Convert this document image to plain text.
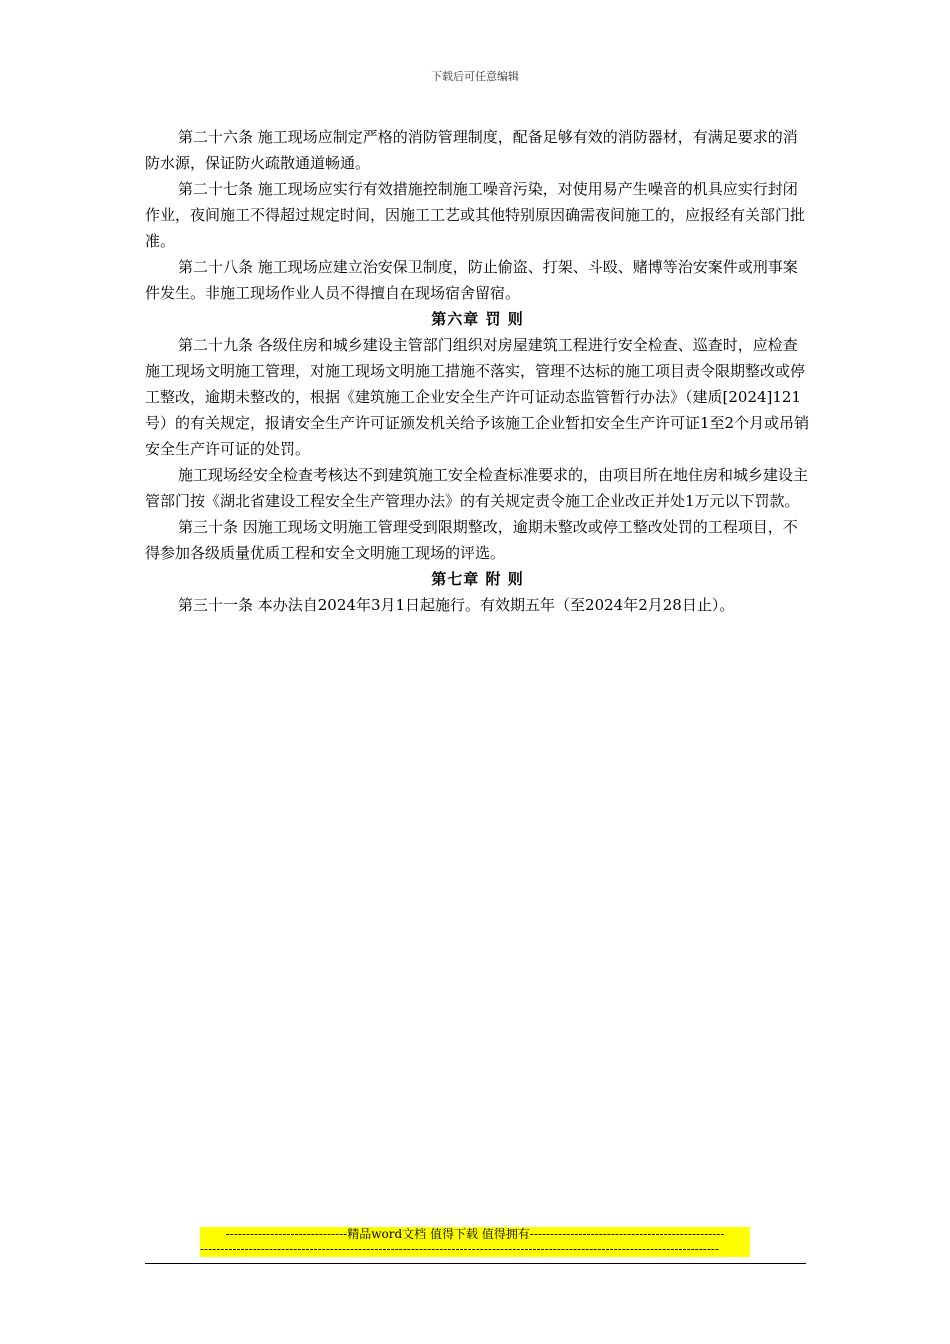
下载后可任意编辑

第二十六条 施工现场应制定严格的消防管理制度，配备足够有效的消防器材，有满足要求的消防水源，保证防火疏散通道畅通。

第二十七条 施工现场应实行有效措施控制施工噪音污染，对使用易产生噪音的机具应实行封闭作业，夜间施工不得超过规定时间，因施工工艺或其他特别原因确需夜间施工的，应报经有关部门批准。

第二十八条 施工现场应建立治安保卫制度，防止偷盗、打架、斗殴、赌博等治安案件或刑事案件发生。非施工现场作业人员不得擅自在现场宿舍留宿。

第六章 罚 则

第二十九条 各级住房和城乡建设主管部门组织对房屋建筑工程进行安全检查、巡查时，应检查施工现场文明施工管理，对施工现场文明施工措施不落实，管理不达标的施工项目责令限期整改或停工整改，逾期未整改的，根据《建筑施工企业安全生产许可证动态监管暂行办法》（建质[2024]121号）的有关规定，报请安全生产许可证颁发机关给予该施工企业暂扣安全生产许可证1至2个月或吊销安全生产许可证的处罚。

施工现场经安全检查考核达不到建筑施工安全检查标准要求的，由项目所在地住房和城乡建设主管部门按《湖北省建设工程安全生产管理办法》的有关规定责令施工企业改正并处1万元以下罚款。

第三十条 因施工现场文明施工管理受到限期整改，逾期未整改或停工整改处罚的工程项目，不得参加各级质量优质工程和安全文明施工现场的评选。

第七章 附 则

第三十一条 本办法自2024年3月1日起施行。有效期五年（至2024年2月28日止）。

------------------------------精品word文档 值得下载 值得拥有------------------------------------------------
--------------------------------------------------------------------------------------------------------------------------------
